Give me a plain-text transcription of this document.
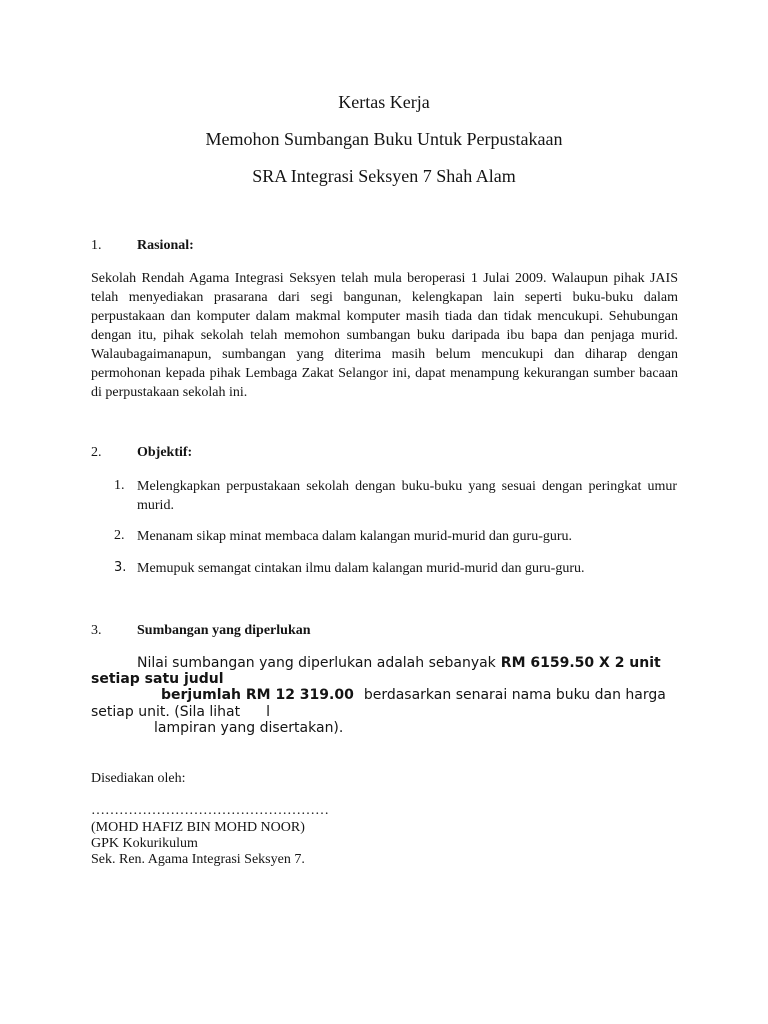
Kertas Kerja
Memohon Sumbangan Buku Untuk Perpustakaan
SRA Integrasi Seksyen 7 Shah Alam
1.	Rasional:
Sekolah Rendah Agama Integrasi Seksyen telah mula beroperasi 1 Julai 2009. Walaupun pihak JAIS
telah menyediakan prasarana dari segi bangunan, kelengkapan lain seperti buku-buku dalam
perpustakaan dan komputer dalam makmal komputer masih tiada dan tidak mencukupi. Sehubungan
dengan itu, pihak sekolah telah memohon sumbangan buku daripada ibu bapa dan penjaga murid.
Walaubagaimanapun, sumbangan yang diterima masih belum mencukupi dan diharap dengan
permohonan kepada pihak Lembaga Zakat Selangor ini, dapat menampung kekurangan sumber bacaan
di perpustakaan sekolah ini.
2.	Objektif:
1. Melengkapkan perpustakaan sekolah dengan buku-buku yang sesuai dengan peringkat umur
murid.
2. Menanam sikap minat membaca dalam kalangan murid-murid dan guru-guru.
3. Memupuk semangat cintakan ilmu dalam kalangan murid-murid dan guru-guru.
3.	Sumbangan yang diperlukan
Nilai sumbangan yang diperlukan adalah sebanyak RM 6159.50 X 2 unit
setiap satu judul
berjumlah RM 12 319.00 berdasarkan senarai nama buku dan harga
setiap unit. (Sila lihat l
lampiran yang disertakan).
Disediakan oleh:
……………………………………………
(MOHD HAFIZ BIN MOHD NOOR)
GPK Kokurikulum
Sek. Ren. Agama Integrasi Seksyen 7.
